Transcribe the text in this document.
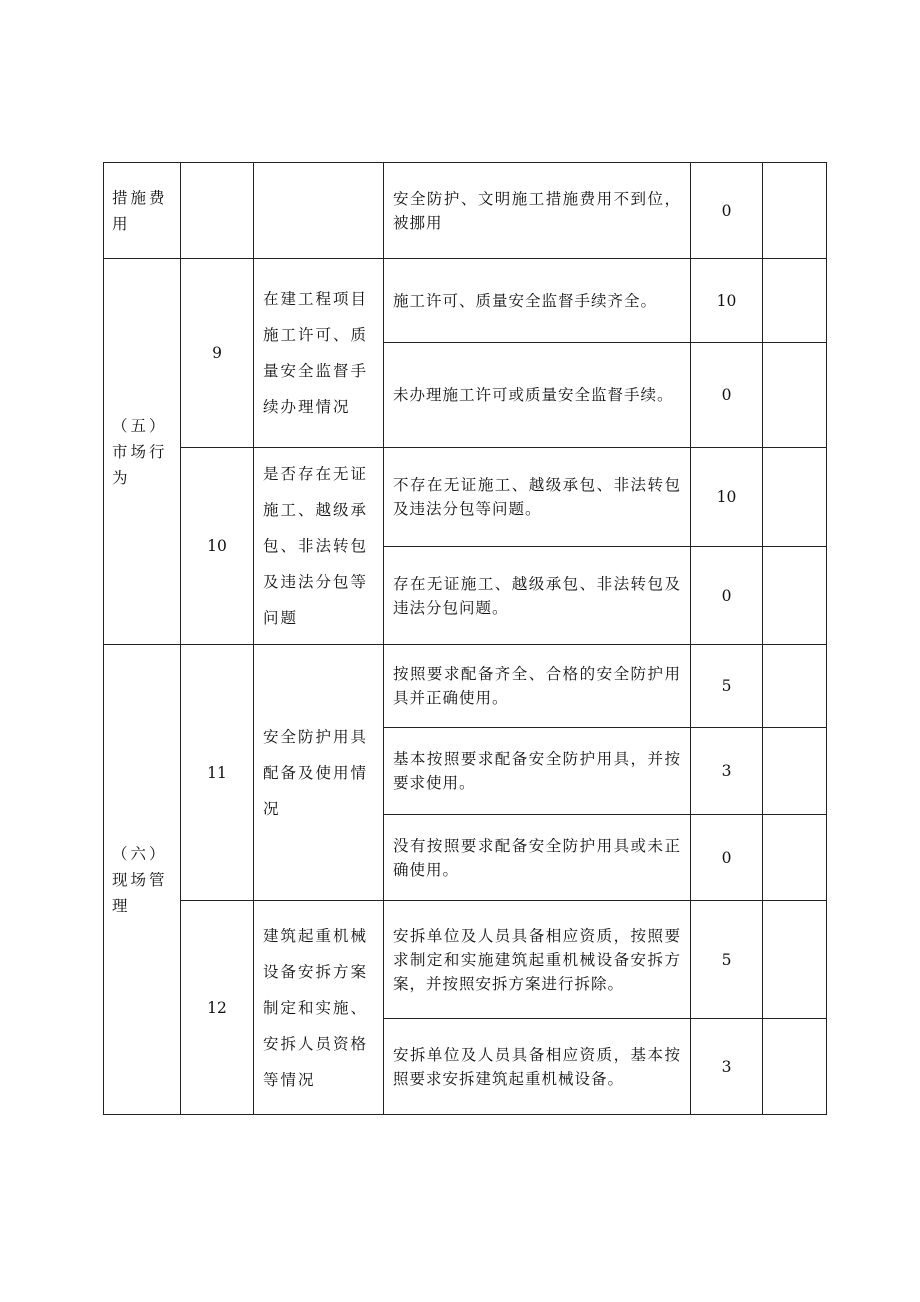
措施费用			安全防护、文明施工措施费用不到位，被挪用	0	
（五）市场行为	9	在建工程项目施工许可、质量安全监督手续办理情况	施工许可、质量安全监督手续齐全。	10	
			未办理施工许可或质量安全监督手续。	0	
	10	是否存在无证施工、越级承包、非法转包及违法分包等问题	不存在无证施工、越级承包、非法转包及违法分包等问题。	10	
			存在无证施工、越级承包、非法转包及违法分包问题。	0	
（六）现场管理	11	安全防护用具配备及使用情况	按照要求配备齐全、合格的安全防护用具并正确使用。	5	
			基本按照要求配备安全防护用具，并按要求使用。	3	
			没有按照要求配备安全防护用具或未正确使用。	0	
	12	建筑起重机械设备安拆方案制定和实施、安拆人员资格等情况	安拆单位及人员具备相应资质，按照要求制定和实施建筑起重机械设备安拆方案，并按照安拆方案进行拆除。	5	
			安拆单位及人员具备相应资质，基本按照要求安拆建筑起重机械设备。	3	
